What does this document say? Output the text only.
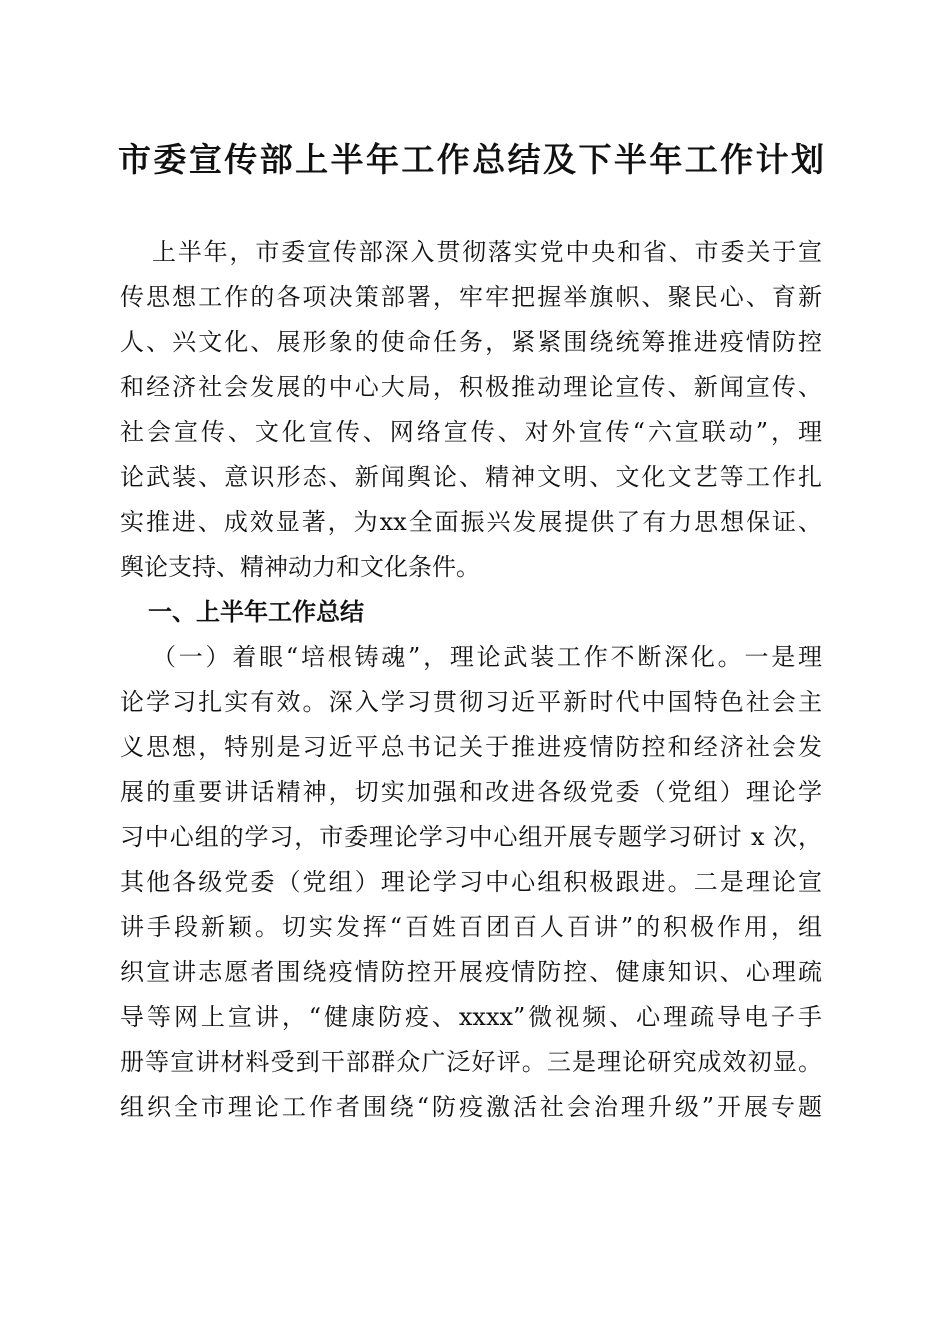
市委宣传部上半年工作总结及下半年工作计划
上半年，市委宣传部深入贯彻落实党中央和省、市委关于宣
传思想工作的各项决策部署，牢牢把握举旗帜、聚民心、育新
人、兴文化、展形象的使命任务，紧紧围绕统筹推进疫情防控
和经济社会发展的中心大局，积极推动理论宣传、新闻宣传、
社会宣传、文化宣传、网络宣传、对外宣传“六宣联动”，理
论武装、意识形态、新闻舆论、精神文明、文化文艺等工作扎
实推进、成效显著，为xx全面振兴发展提供了有力思想保证、
舆论支持、精神动力和文化条件。
一、上半年工作总结
（一）着眼“培根铸魂”，理论武装工作不断深化。一是理
论学习扎实有效。深入学习贯彻习近平新时代中国特色社会主
义思想，特别是习近平总书记关于推进疫情防控和经济社会发
展的重要讲话精神，切实加强和改进各级党委（党组）理论学
习中心组的学习，市委理论学习中心组开展专题学习研讨 x 次，
其他各级党委（党组）理论学习中心组积极跟进。二是理论宣
讲手段新颖。切实发挥“百姓百团百人百讲”的积极作用，组
织宣讲志愿者围绕疫情防控开展疫情防控、健康知识、心理疏
导等网上宣讲，“健康防疫、xxxx”微视频、心理疏导电子手
册等宣讲材料受到干部群众广泛好评。三是理论研究成效初显。
组织全市理论工作者围绕“防疫激活社会治理升级”开展专题
